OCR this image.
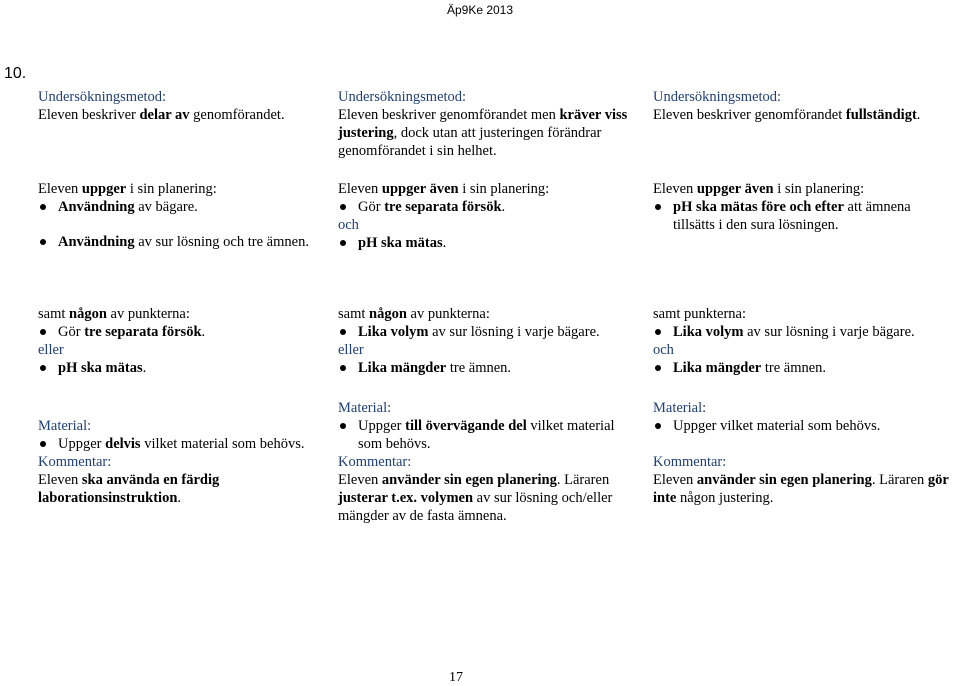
Äp9Ke 2013
10.
Undersökningsmetod:
Eleven beskriver delar av genomförandet.
Eleven uppger i sin planering:
Användning av bägare.
Användning av sur lösning och tre ämnen.
samt någon av punkterna:
Gör tre separata försök.
eller
pH ska mätas.
Material:
Uppger delvis vilket material som behövs.
Kommentar:
Eleven ska använda en färdig laborationsinstruktion.
Undersökningsmetod:
Eleven beskriver genomförandet men kräver viss justering, dock utan att justeringen förändrar genomförandet i sin helhet.
Eleven uppger även i sin planering:
Gör tre separata försök.
och
pH ska mätas.
samt någon av punkterna:
Lika volym av sur lösning i varje bägare.
eller
Lika mängder tre ämnen.
Material:
Uppger till övervägande del vilket material som behövs.
Kommentar:
Eleven använder sin egen planering. Läraren justerar t.ex. volymen av sur lösning och/eller mängder av de fasta ämnena.
Undersökningsmetod:
Eleven beskriver genomförandet fullständigt.
Eleven uppger även i sin planering:
pH ska mätas före och efter att ämnena tillsätts i den sura lösningen.
samt punkterna:
Lika volym av sur lösning i varje bägare.
och
Lika mängder tre ämnen.
Material:
Uppger vilket material som behövs.
Kommentar:
Eleven använder sin egen planering. Läraren gör inte någon justering.
17
